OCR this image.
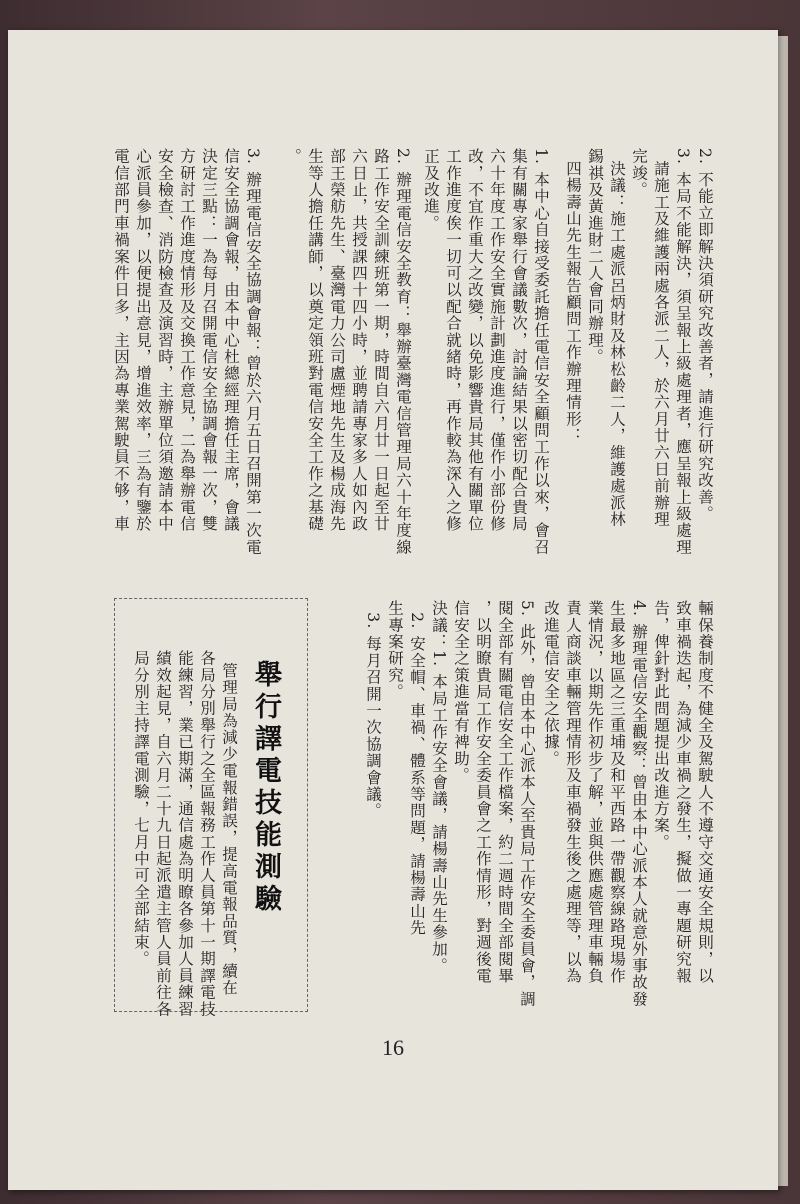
2. 不能立即解決須研究改善者，請進行研究改善。
3. 本局不能解決，須呈報上級處理者，應呈報上級處理
請施工及維護兩處各派二人，於六月廿六日前辦理
完竣。
決議：施工處派呂炳財及林松齡二人，維護處派林
錫祺及黃進財二人會同辦理。
四楊壽山先生報告顧問工作辦理情形：
1. 本中心自接受委託擔任電信安全顧問工作以來，會召
集有關專家舉行會議數次，討論結果以密切配合貴局
六十年度工作安全實施計劃進度進行，僅作小部份修
改，不宜作重大之改變，以免影響貴局其他有關單位
工作進度俟一切可以配合就緒時，再作較為深入之修
正及改進。
2. 辦理電信安全教育：舉辦臺灣電信管理局六十年度線
路工作安全訓練班第一期，時間自六月廿一日起至廿
六日止，共授課四十四小時，並聘請專家多人如內政
部王榮舫先生、臺灣電力公司盧煙地先生及楊成海先
生等人擔任講師，以奠定領班對電信安全工作之基礎
。
3. 辦理電信安全協調會報：曾於六月五日召開第一次電
信安全協調會報，由本中心杜總經理擔任主席，會議
決定三點：一為每月召開電信安全協調會報一次，雙
方研討工作進度情形及交換工作意見，二為舉辦電信
安全檢查、消防檢查及演習時，主辦單位須邀請本中
心派員參加，以便提出意見，增進效率，三為有鑒於
電信部門車禍案件日多，主因為專業駕駛員不够，車
輛保養制度不健全及駕駛人不遵守交通安全規則，以
致車禍迭起，為減少車禍之發生，擬做一專題研究報
告，俾針對此問題提出改進方案。
4. 辦理電信安全觀察：曾由本中心派本人就意外事故發
生最多地區之三重埔及和平西路一帶觀察線路現場作
業情況，以期先作初步了解，並與供應處管理車輛負
責人商談車輛管理情形及車禍發生後之處理等，以為
改進電信安全之依據。
5. 此外，曾由本中心派本人至貴局工作安全委員會，調
閱全部有關電信安全工作檔案，約二週時間全部閱畢
，以明瞭貴局工作安全委員會之工作情形，對週後電
信安全之策進當有裨助。
決議：1. 本局工作安全會議，請楊壽山先生參加。
2. 安全帽、車禍、體系等問題，請楊壽山先
生專案研究。
3. 每月召開一次協調會議。
舉行譯電技能測驗
管理局為減少電報錯誤，提高電報品質，續在
各局分別舉行之全區報務工作人員第十一期譯電技
能練習，業已期滿，通信處為明瞭各參加人員練習
績效起見，自六月二十九日起派遣主管人員前往各
局分別主持譯電測驗，七月中可全部結束。
16
